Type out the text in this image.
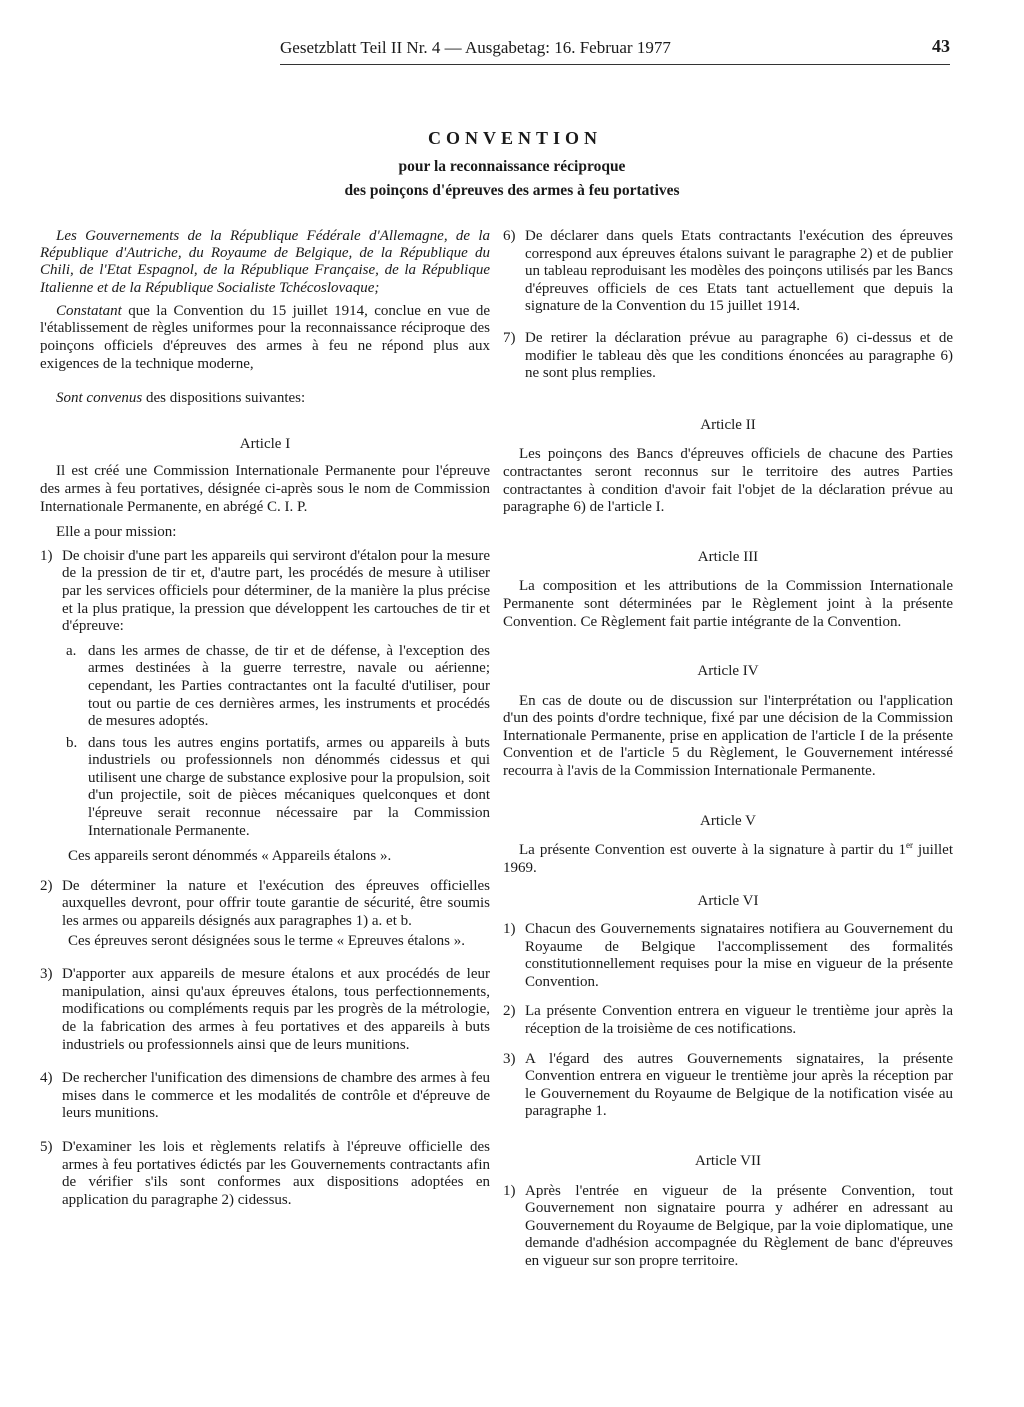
Gesetzblatt Teil II Nr. 4 — Ausgabetag: 16. Februar 1977	43
CONVENTION
pour la reconnaissance réciproque
des poinçons d'épreuves des armes à feu portatives

Les Gouvernements de la République Fédérale d'Allemagne, de la République d'Autriche, du Royaume de Belgique, de la République du Chili, de l'Etat Espagnol, de la République Française, de la République Italienne et de la République Socialiste Tchécoslovaque;

Constatant que la Convention du 15 juillet 1914, conclue en vue de l'établissement de règles uniformes pour la reconnaissance réciproque des poinçons officiels d'épreuves des armes à feu ne répond plus aux exigences de la technique moderne,

Sont convenus des dispositions suivantes:

Article I

Il est créé une Commission Internationale Permanente pour l'épreuve des armes à feu portatives, désignée ci-après sous le nom de Commission Internationale Permanente, en abrégé C. I. P.

Elle a pour mission:

1) De choisir d'une part les appareils qui serviront d'étalon pour la mesure de la pression de tir et, d'autre part, les procédés de mesure à utiliser par les services officiels pour déterminer, de la manière la plus précise et la plus pratique, la pression que développent les cartouches de tir et d'épreuve:
a. dans les armes de chasse, de tir et de défense, à l'exception des armes destinées à la guerre terrestre, navale ou aérienne; cependant, les Parties contractantes ont la faculté d'utiliser, pour tout ou partie de ces dernières armes, les instruments et procédés de mesures adoptés.
b. dans tous les autres engins portatifs, armes ou appareils à buts industriels ou professionnels non dénommés cidessus et qui utilisent une charge de substance explosive pour la propulsion, soit d'un projectile, soit de pièces mécaniques quelconques et dont l'épreuve serait reconnue nécessaire par la Commission Internationale Permanente.

Ces appareils seront dénommés « Appareils étalons ».

2) De déterminer la nature et l'exécution des épreuves officielles auxquelles devront, pour offrir toute garantie de sécurité, être soumis les armes ou appareils désignés aux paragraphes 1) a. et b.

Ces épreuves seront désignées sous le terme « Epreuves étalons ».

3) D'apporter aux appareils de mesure étalons et aux procédés de leur manipulation, ainsi qu'aux épreuves étalons, tous perfectionnements, modifications ou compléments requis par les progrès de la métrologie, de la fabrication des armes à feu portatives et des appareils à buts industriels ou professionnels ainsi que de leurs munitions.
4) De rechercher l'unification des dimensions de chambre des armes à feu mises dans le commerce et les modalités de contrôle et d'épreuve de leurs munitions.
5) D'examiner les lois et règlements relatifs à l'épreuve officielle des armes à feu portatives édictés par les Gouvernements contractants afin de vérifier s'ils sont conformes aux dispositions adoptées en application du paragraphe 2) cidessus.
6) De déclarer dans quels Etats contractants l'exécution des épreuves correspond aux épreuves étalons suivant le paragraphe 2) et de publier un tableau reproduisant les modèles des poinçons utilisés par les Bancs d'épreuves officiels de ces Etats tant actuellement que depuis la signature de la Convention du 15 juillet 1914.
7) De retirer la déclaration prévue au paragraphe 6) ci-dessus et de modifier le tableau dès que les conditions énoncées au paragraphe 6) ne sont plus remplies.

Article II

Les poinçons des Bancs d'épreuves officiels de chacune des Parties contractantes seront reconnus sur le territoire des autres Parties contractantes à condition d'avoir fait l'objet de la déclaration prévue au paragraphe 6) de l'article I.

Article III

La composition et les attributions de la Commission Internationale Permanente sont déterminées par le Règlement joint à la présente Convention. Ce Règlement fait partie intégrante de la Convention.

Article IV

En cas de doute ou de discussion sur l'interprétation ou l'application d'un des points d'ordre technique, fixé par une décision de la Commission Internationale Permanente, prise en application de l'article I de la présente Convention et de l'article 5 du Règlement, le Gouvernement intéressé recourra à l'avis de la Commission Internationale Permanente.

Article V

La présente Convention est ouverte à la signature à partir du 1er juillet 1969.

Article VI

1) Chacun des Gouvernements signataires notifiera au Gouvernement du Royaume de Belgique l'accomplissement des formalités constitutionnellement requises pour la mise en vigueur de la présente Convention.
2) La présente Convention entrera en vigueur le trentième jour après la réception de la troisième de ces notifications.
3) A l'égard des autres Gouvernements signataires, la présente Convention entrera en vigueur le trentième jour après la réception par le Gouvernement du Royaume de Belgique de la notification visée au paragraphe 1.

Article VII

1) Après l'entrée en vigueur de la présente Convention, tout Gouvernement non signataire pourra y adhérer en adressant au Gouvernement du Royaume de Belgique, par la voie diplomatique, une demande d'adhésion accompagnée du Règlement de banc d'épreuves en vigueur sur son propre territoire.
